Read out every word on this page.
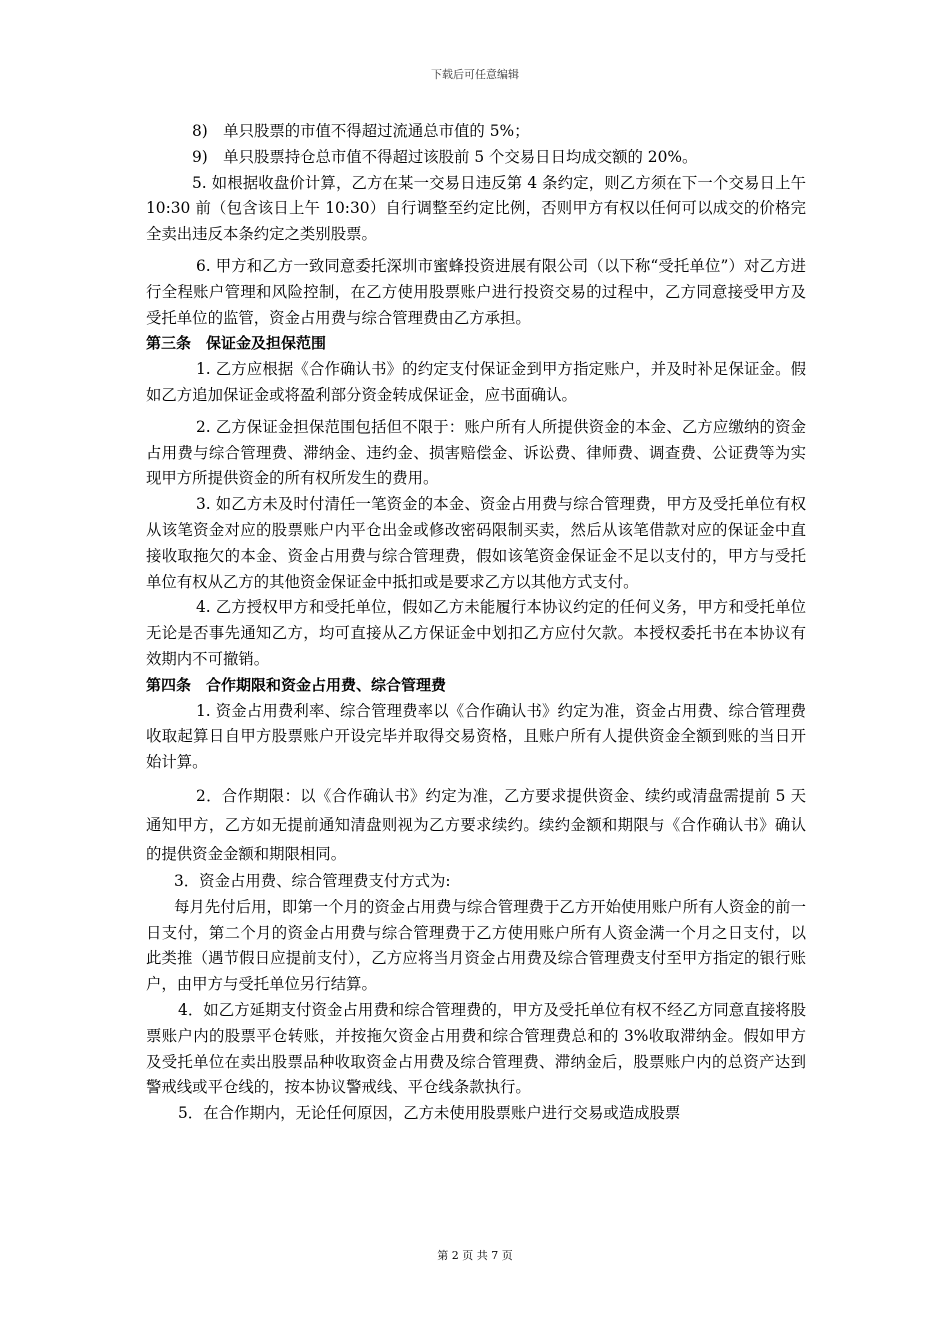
下载后可任意编辑

8)　单只股票的市值不得超过流通总市值的 5%；

9)　单只股票持仓总市值不得超过该股前 5 个交易日日均成交额的 20%。

5. 如根据收盘价计算，乙方在某一交易日违反第 4 条约定，则乙方须在下一个交易日上午 10:30 前（包含该日上午 10:30）自行调整至约定比例，否则甲方有权以任何可以成交的价格完全卖出违反本条约定之类别股票。

6. 甲方和乙方一致同意委托深圳市蜜蜂投资进展有限公司（以下称“受托单位”）对乙方进行全程账户管理和风险控制，在乙方使用股票账户进行投资交易的过程中，乙方同意接受甲方及受托单位的监管，资金占用费与综合管理费由乙方承担。

第三条　保证金及担保范围

1. 乙方应根据《合作确认书》的约定支付保证金到甲方指定账户，并及时补足保证金。假如乙方追加保证金或将盈利部分资金转成保证金，应书面确认。

2. 乙方保证金担保范围包括但不限于：账户所有人所提供资金的本金、乙方应缴纳的资金占用费与综合管理费、滞纳金、违约金、损害赔偿金、诉讼费、律师费、调查费、公证费等为实现甲方所提供资金的所有权所发生的费用。

3. 如乙方未及时付清任一笔资金的本金、资金占用费与综合管理费，甲方及受托单位有权从该笔资金对应的股票账户内平仓出金或修改密码限制买卖，然后从该笔借款对应的保证金中直接收取拖欠的本金、资金占用费与综合管理费，假如该笔资金保证金不足以支付的，甲方与受托单位有权从乙方的其他资金保证金中抵扣或是要求乙方以其他方式支付。

4. 乙方授权甲方和受托单位，假如乙方未能履行本协议约定的任何义务，甲方和受托单位无论是否事先通知乙方，均可直接从乙方保证金中划扣乙方应付欠款。本授权委托书在本协议有效期内不可撤销。

第四条　合作期限和资金占用费、综合管理费

1. 资金占用费利率、综合管理费率以《合作确认书》约定为准，资金占用费、综合管理费收取起算日自甲方股票账户开设完毕并取得交易资格，且账户所有人提供资金全额到账的当日开始计算。

2．合作期限：以《合作确认书》约定为准，乙方要求提供资金、续约或清盘需提前 5 天通知甲方，乙方如无提前通知清盘则视为乙方要求续约。续约金额和期限与《合作确认书》确认的提供资金金额和期限相同。

3．资金占用费、综合管理费支付方式为:

每月先付后用，即第一个月的资金占用费与综合管理费于乙方开始使用账户所有人资金的前一日支付，第二个月的资金占用费与综合管理费于乙方使用账户所有人资金满一个月之日支付，以此类推（遇节假日应提前支付），乙方应将当月资金占用费及综合管理费支付至甲方指定的银行账户，由甲方与受托单位另行结算。

4．如乙方延期支付资金占用费和综合管理费的，甲方及受托单位有权不经乙方同意直接将股票账户内的股票平仓转账，并按拖欠资金占用费和综合管理费总和的 3%收取滞纳金。假如甲方及受托单位在卖出股票品种收取资金占用费及综合管理费、滞纳金后，股票账户内的总资产达到警戒线或平仓线的，按本协议警戒线、平仓线条款执行。

5．在合作期内，无论任何原因，乙方未使用股票账户进行交易或造成股票

第 2 页 共 7 页
